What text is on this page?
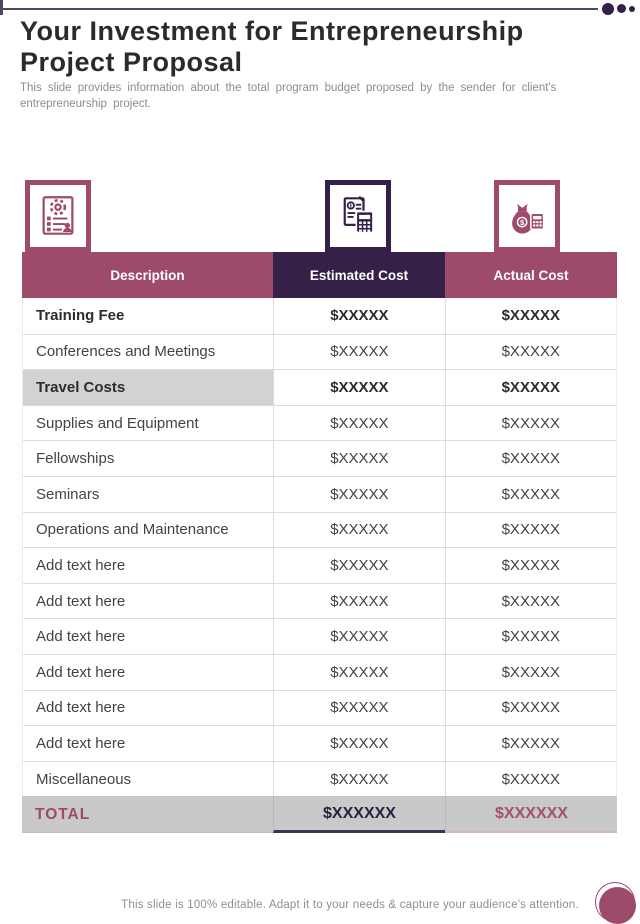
Your Investment for Entrepreneurship
Project Proposal
This slide provides information about the total program budget proposed by the sender for client's entrepreneurship project.
$
Description	Estimated Cost	Actual Cost
Training Fee	$XXXXX	$XXXXX
Conferences and Meetings	$XXXXX	$XXXXX
Travel Costs	$XXXXX	$XXXXX
Supplies and Equipment	$XXXXX	$XXXXX
Fellowships	$XXXXX	$XXXXX
Seminars	$XXXXX	$XXXXX
Operations and Maintenance	$XXXXX	$XXXXX
Add text here	$XXXXX	$XXXXX
Add text here	$XXXXX	$XXXXX
Add text here	$XXXXX	$XXXXX
Add text here	$XXXXX	$XXXXX
Add text here	$XXXXX	$XXXXX
Add text here	$XXXXX	$XXXXX
Miscellaneous	$XXXXX	$XXXXX
TOTAL	$XXXXXX	$XXXXXX
This slide is 100% editable. Adapt it to your needs & capture your audience's attention.
